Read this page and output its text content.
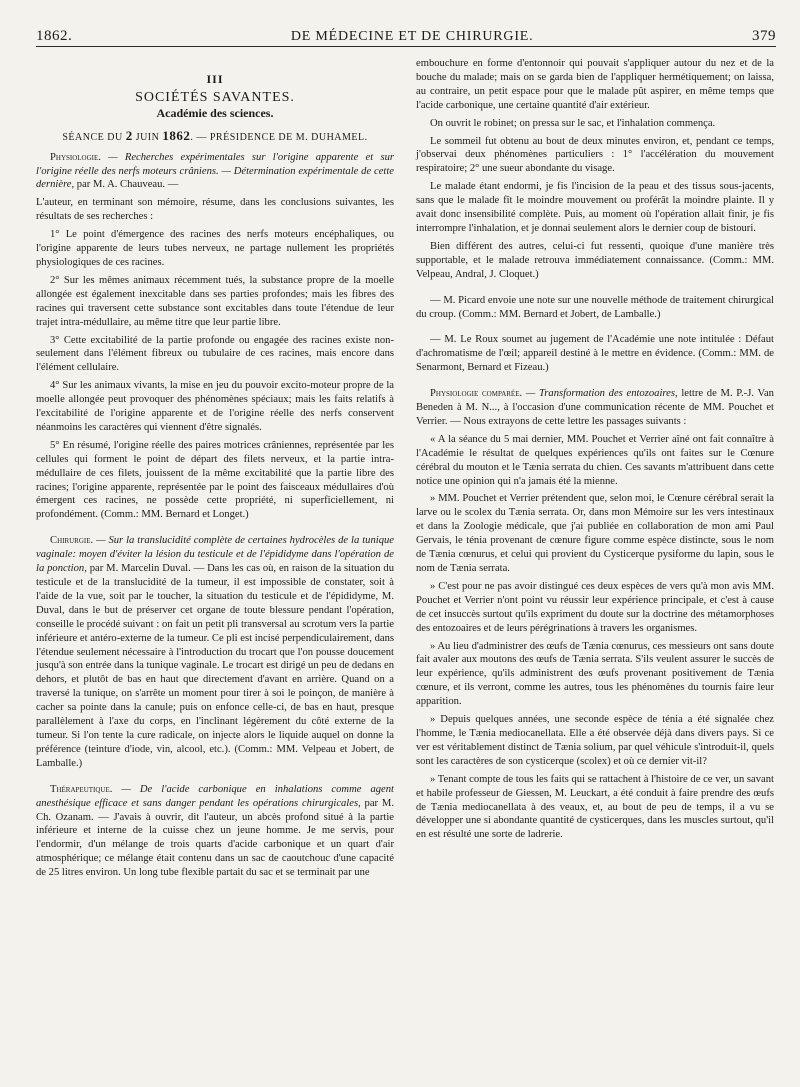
1862.	DE MÉDECINE ET DE CHIRURGIE.	379
III
SOCIÉTÉS SAVANTES.
Académie des sciences.
SÉANCE DU 2 JUIN 1862. — PRÉSIDENCE DE M. DUHAMEL.

Physiologie. — Recherches expérimentales sur l'origine apparente et sur l'origine réelle des nerfs moteurs crâniens. — Détermination expérimentale de cette dernière, par M. A. Chauveau. —

L'auteur, en terminant son mémoire, résume, dans les conclusions suivantes, les résultats de ses recherches :

1° Le point d'émergence des racines des nerfs moteurs encéphaliques, ou l'origine apparente de leurs tubes nerveux, ne partage nullement les propriétés physiologiques de ces racines.

2° Sur les mêmes animaux récemment tués, la substance propre de la moelle allongée est également inexcitable dans ses parties profondes; mais les fibres des racines qui traversent cette substance sont excitables dans toute l'étendue de leur trajet intra-médullaire, au même titre que leur partie libre.

3° Cette excitabilité de la partie profonde ou engagée des racines existe non-seulement dans l'élément fibreux ou tubulaire de ces racines, mais encore dans l'élément cellulaire.

4° Sur les animaux vivants, la mise en jeu du pouvoir excito-moteur propre de la moelle allongée peut provoquer des phénomènes spéciaux; mais les faits relatifs à l'excitabilité de l'origine apparente et de l'origine réelle des nerfs conservent néanmoins les caractères qui viennent d'être signalés.

5° En résumé, l'origine réelle des paires motrices crâniennes, représentée par les cellules qui forment le point de départ des filets nerveux, et la partie intra-médullaire de ces filets, jouissent de la même excitabilité que la partie libre des racines; l'origine apparente, représentée par le point des faisceaux médullaires d'où émergent ces racines, ne possède cette propriété, ni superficiellement, ni profondément. (Comm.: MM. Bernard et Longet.)

Chirurgie. — Sur la translucidité complète de certaines hydrocèles de la tunique vaginale: moyen d'éviter la lésion du testicule et de l'épididyme dans l'opération de la ponction, par M. Marcelin Duval. — Dans les cas où, en raison de la situation du testicule et de la translucidité de la tumeur, il est impossible de constater, soit à l'aide de la vue, soit par le toucher, la situation du testicule et de l'épididyme, M. Duval, dans le but de préserver cet organe de toute blessure pendant l'opération, conseille le procédé suivant : on fait un petit pli transversal au scrotum vers la partie inférieure et antéro-externe de la tumeur. Ce pli est incisé perpendiculairement, dans l'étendue seulement nécessaire à l'introduction du trocart que l'on pousse doucement jusqu'à son entrée dans la tunique vaginale. Le trocart est dirigé un peu de dedans en dehors, et plutôt de bas en haut que directement d'avant en arrière. Quand on a traversé la tunique, on s'arrête un moment pour tirer à soi le poinçon, de manière à cacher sa pointe dans la canule; puis on enfonce celle-ci, de bas en haut, presque parallèlement à l'axe du corps, en l'inclinant légèrement du côté externe de la tumeur. Si l'on tente la cure radicale, on injecte alors le liquide auquel on donne la préférence (teinture d'iode, vin, alcool, etc.). (Comm.: MM. Velpeau et Jobert, de Lamballe.)

Thérapeutique. — De l'acide carbonique en inhalations comme agent anesthésique efficace et sans danger pendant les opérations chirurgicales, par M. Ch. Ozanam. — J'avais à ouvrir, dit l'auteur, un abcès profond situé à la partie inférieure et interne de la cuisse chez un jeune homme. Je me servis, pour l'endormir, d'un mélange de trois quarts d'acide carbonique et un quart d'air atmosphérique; ce mélange était contenu dans un sac de caoutchouc d'une capacité de 25 litres environ. Un long tube flexible partait du sac et se terminait par une

embouchure en forme d'entonnoir qui pouvait s'appliquer autour du nez et de la bouche du malade; mais on se garda bien de l'appliquer hermétiquement; on laissa, au contraire, un petit espace pour que le malade pût aspirer, en même temps que l'acide carbonique, une certaine quantité d'air extérieur.

On ouvrit le robinet; on pressa sur le sac, et l'inhalation commença.

Le sommeil fut obtenu au bout de deux minutes environ, et, pendant ce temps, j'observai deux phénomènes particuliers : 1° l'accélération du mouvement respiratoire; 2° une sueur abondante du visage.

Le malade étant endormi, je fis l'incision de la peau et des tissus sous-jacents, sans que le malade fît le moindre mouvement ou proférât la moindre plainte. Il y avait donc insensibilité complète. Puis, au moment où l'opération allait finir, je fis interrompre l'inhalation, et je donnai seulement alors le dernier coup de bistouri.

Bien différent des autres, celui-ci fut ressenti, quoique d'une manière très supportable, et le malade retrouva immédiatement connaissance. (Comm.: MM. Velpeau, Andral, J. Cloquet.)

— M. Picard envoie une note sur une nouvelle méthode de traitement chirurgical du croup. (Comm.: MM. Bernard et Jobert, de Lamballe.)

— M. Le Roux soumet au jugement de l'Académie une note intitulée : Défaut d'achromatisme de l'œil; appareil destiné à le mettre en évidence. (Comm.: MM. de Senarmont, Bernard et Fizeau.)

Physiologie comparée. — Transformation des entozoaires, lettre de M. P.-J. Van Beneden à M. N..., à l'occasion d'une communication récente de MM. Pouchet et Verrier. — Nous extrayons de cette lettre les passages suivants :

« A la séance du 5 mai dernier, MM. Pouchet et Verrier aîné ont fait connaître à l'Académie le résultat de quelques expériences qu'ils ont faites sur le Cœnure cérébral du mouton et le Tænia serrata du chien. Ces savants m'attribuent dans cette notice une opinion qui n'a jamais été la mienne.

» MM. Pouchet et Verrier prétendent que, selon moi, le Cœnure cérébral serait la larve ou le scolex du Tænia serrata. Or, dans mon Mémoire sur les vers intestinaux et dans la Zoologie médicale, que j'ai publiée en collaboration de mon ami Paul Gervais, le ténia provenant de cœnure figure comme espèce distincte, sous le nom de Tænia cœnurus, et celui qui provient du Cysticerque pysiforme du lapin, sous le nom de Tænia serrata.

» C'est pour ne pas avoir distingué ces deux espèces de vers qu'à mon avis MM. Pouchet et Verrier n'ont point vu réussir leur expérience principale, et c'est à cause de cet insuccès surtout qu'ils expriment du doute sur la doctrine des métamorphoses des entozoaires et de leurs pérégrinations à travers les organismes.

» Au lieu d'administrer des œufs de Tænia cœnurus, ces messieurs ont sans doute fait avaler aux moutons des œufs de Tænia serrata. S'ils veulent assurer le succès de leur expérience, qu'ils administrent des œufs provenant positivement de Tænia cœnure, et ils verront, comme les autres, tous les phénomènes du tournis faire leur apparition.

» Depuis quelques années, une seconde espèce de ténia a été signalée chez l'homme, le Tænia mediocanellata. Elle a été observée déjà dans divers pays. Si ce ver est véritablement distinct de Tænia solium, par quel véhicule s'introduit-il, quels sont les caractères de son cysticerque (scolex) et où ce dernier vit-il?

» Tenant compte de tous les faits qui se rattachent à l'histoire de ce ver, un savant et habile professeur de Giessen, M. Leuckart, a été conduit à faire prendre des œufs de Tænia mediocanellata à des veaux, et, au bout de peu de temps, il a vu se développer une si abondante quantité de cysticerques, dans les muscles surtout, qu'il en est résulté une sorte de ladrerie.
